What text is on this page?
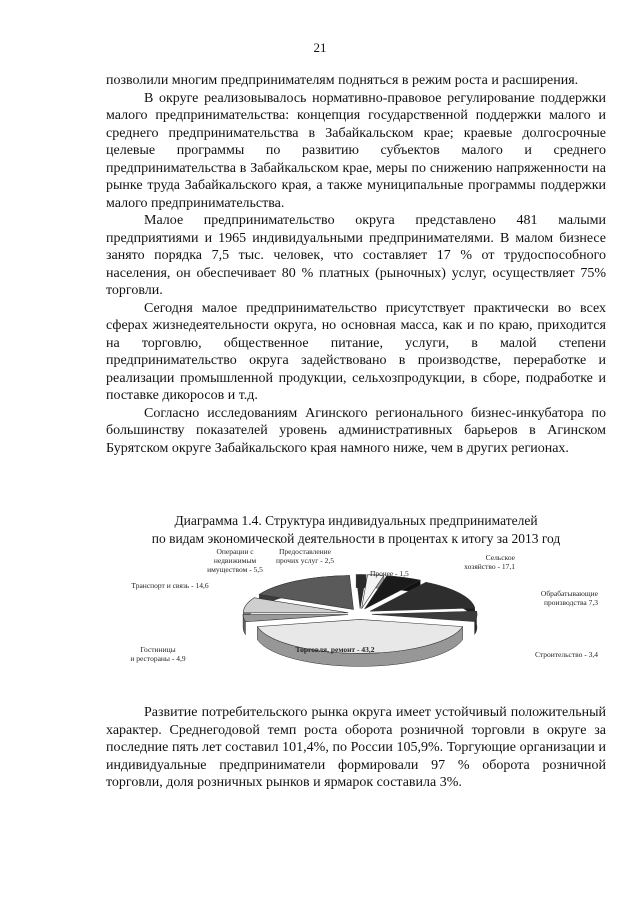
21

позволили многим предпринимателям подняться в режим роста и расширения.

В округе реализовывалось нормативно-правовое регулирование поддержки малого предпринимательства: концепция государственной поддержки малого и среднего предпринимательства в Забайкальском крае; краевые долгосрочные целевые программы по развитию субъектов малого и среднего предпринимательства в Забайкальском крае, меры по снижению напряженности на рынке труда Забайкальского края, а также муниципальные программы поддержки малого предпринимательства.

Малое предпринимательство округа представлено 481 малыми предприятиями и 1965 индивидуальными предпринимателями. В малом бизнесе занято порядка 7,5 тыс. человек, что составляет 17 % от трудоспособного населения, он обеспечивает 80 % платных (рыночных) услуг, осуществляет 75% торговли.

Сегодня малое предпринимательство присутствует практически во всех сферах жизнедеятельности округа, но основная масса, как и по краю, приходится на торговлю, общественное питание, услуги, в малой степени предпринимательство округа задействовано в производстве, переработке и реализации промышленной продукции, сельхозпродукции, в сборе, подработке и поставке дикоросов и т.д.

Согласно исследованиям Агинского регионального бизнес-инкубатора по большинству показателей уровень административных барьеров в Агинском Бурятском округе Забайкальского края намного ниже, чем в других регионах.

Диаграмма 1.4. Структура индивидуальных предпринимателей
по видам экономической деятельности в процентах к итогу за 2013 год
Торговля, ремонт - 43,2
Строительство - 3,4
Обрабатывающие производства 7,3
Сельское хозяйство - 17,1
Прочее - 1,5
Предоставление прочих услуг - 2,5
Операции с недвижимым имуществом - 5,5
Транспорт и связь - 14,6
Гостиницы и рестораны - 4,9

Развитие потребительского рынка округа имеет устойчивый положительный характер. Среднегодовой темп роста оборота розничной торговли в округе за последние пять лет составил 101,4%, по России 105,9%. Торгующие организации и индивидуальные предприниматели формировали 97 % оборота розничной торговли, доля розничных рынков и ярмарок составила 3%.
